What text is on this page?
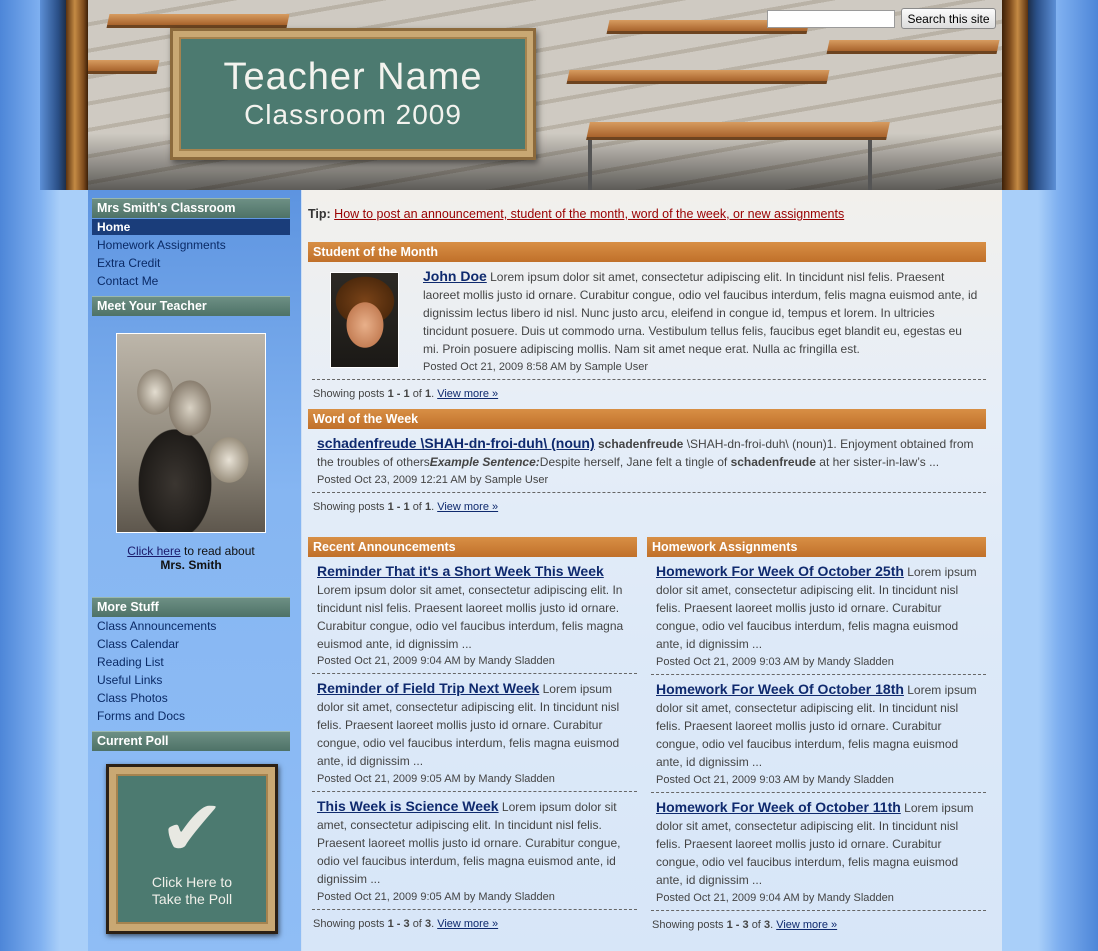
Teacher Name
Classroom 2009
Search this site
Mrs Smith's Classroom
Home
Homework Assignments
Extra Credit
Contact Me
Meet Your Teacher
Click here to read about
Mrs. Smith
More Stuff
Class Announcements
Class Calendar
Reading List
Useful Links
Class Photos
Forms and Docs
Current Poll
✔
Click Here to
Take the Poll
Tip: How to post an announcement, student of the month, word of the week, or new assignments
Student of the Month
John Doe Lorem ipsum dolor sit amet, consectetur adipiscing elit. In tincidunt nisl felis. Praesent laoreet mollis justo id ornare. Curabitur congue, odio vel faucibus interdum, felis magna euismod ante, id dignissim lectus libero id nisl. Nunc justo arcu, eleifend in congue id, tempus et lorem. In ultricies tincidunt posuere. Duis ut commodo urna. Vestibulum tellus felis, faucibus eget blandit eu, egestas eu mi. Proin posuere adipiscing mollis. Nam sit amet neque erat. Nulla ac fringilla est.
Posted Oct 21, 2009 8:58 AM by Sample User
Showing posts 1 - 1 of 1. View more »
Word of the Week
schadenfreude \SHAH-dn-froi-duh\ (noun) schadenfreude \SHAH-dn-froi-duh\ (noun)1. Enjoyment obtained from the troubles of othersExample Sentence:Despite herself, Jane felt a tingle of schadenfreude at her sister-in-law’s ...
Posted Oct 23, 2009 12:21 AM by Sample User
Showing posts 1 - 1 of 1. View more »
Recent Announcements
Reminder That it's a Short Week This Week Lorem ipsum dolor sit amet, consectetur adipiscing elit. In tincidunt nisl felis. Praesent laoreet mollis justo id ornare. Curabitur congue, odio vel faucibus interdum, felis magna euismod ante, id dignissim ...
Posted Oct 21, 2009 9:04 AM by Mandy Sladden
Reminder of Field Trip Next Week Lorem ipsum dolor sit amet, consectetur adipiscing elit. In tincidunt nisl felis. Praesent laoreet mollis justo id ornare. Curabitur congue, odio vel faucibus interdum, felis magna euismod ante, id dignissim ...
Posted Oct 21, 2009 9:05 AM by Mandy Sladden
This Week is Science Week Lorem ipsum dolor sit amet, consectetur adipiscing elit. In tincidunt nisl felis. Praesent laoreet mollis justo id ornare. Curabitur congue, odio vel faucibus interdum, felis magna euismod ante, id dignissim ...
Posted Oct 21, 2009 9:05 AM by Mandy Sladden
Showing posts 1 - 3 of 3. View more »
Homework Assignments
Homework For Week Of October 25th Lorem ipsum dolor sit amet, consectetur adipiscing elit. In tincidunt nisl felis. Praesent laoreet mollis justo id ornare. Curabitur congue, odio vel faucibus interdum, felis magna euismod ante, id dignissim ...
Posted Oct 21, 2009 9:03 AM by Mandy Sladden
Homework For Week Of October 18th Lorem ipsum dolor sit amet, consectetur adipiscing elit. In tincidunt nisl felis. Praesent laoreet mollis justo id ornare. Curabitur congue, odio vel faucibus interdum, felis magna euismod ante, id dignissim ...
Posted Oct 21, 2009 9:03 AM by Mandy Sladden
Homework For Week of October 11th Lorem ipsum dolor sit amet, consectetur adipiscing elit. In tincidunt nisl felis. Praesent laoreet mollis justo id ornare. Curabitur congue, odio vel faucibus interdum, felis magna euismod ante, id dignissim ...
Posted Oct 21, 2009 9:04 AM by Mandy Sladden
Showing posts 1 - 3 of 3. View more »
